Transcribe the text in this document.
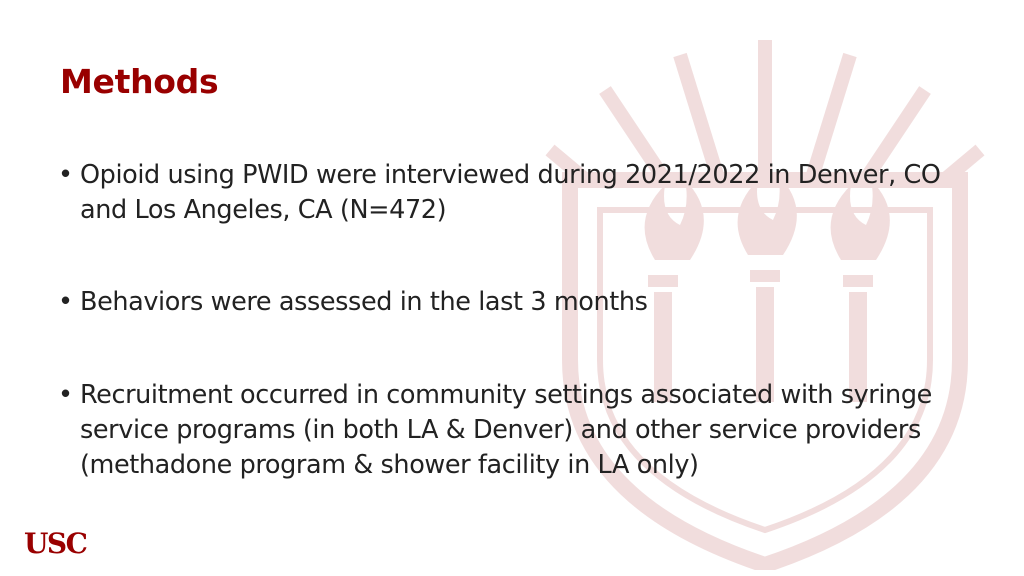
Methods
• Opioid using PWID were interviewed during 2021/2022 in Denver, CO and Los Angeles, CA (N=472)
• Behaviors were assessed in the last 3 months
• Recruitment occurred in community settings associated with syringe service programs (in both LA & Denver) and other service providers (methadone program & shower facility in LA only)
USC
